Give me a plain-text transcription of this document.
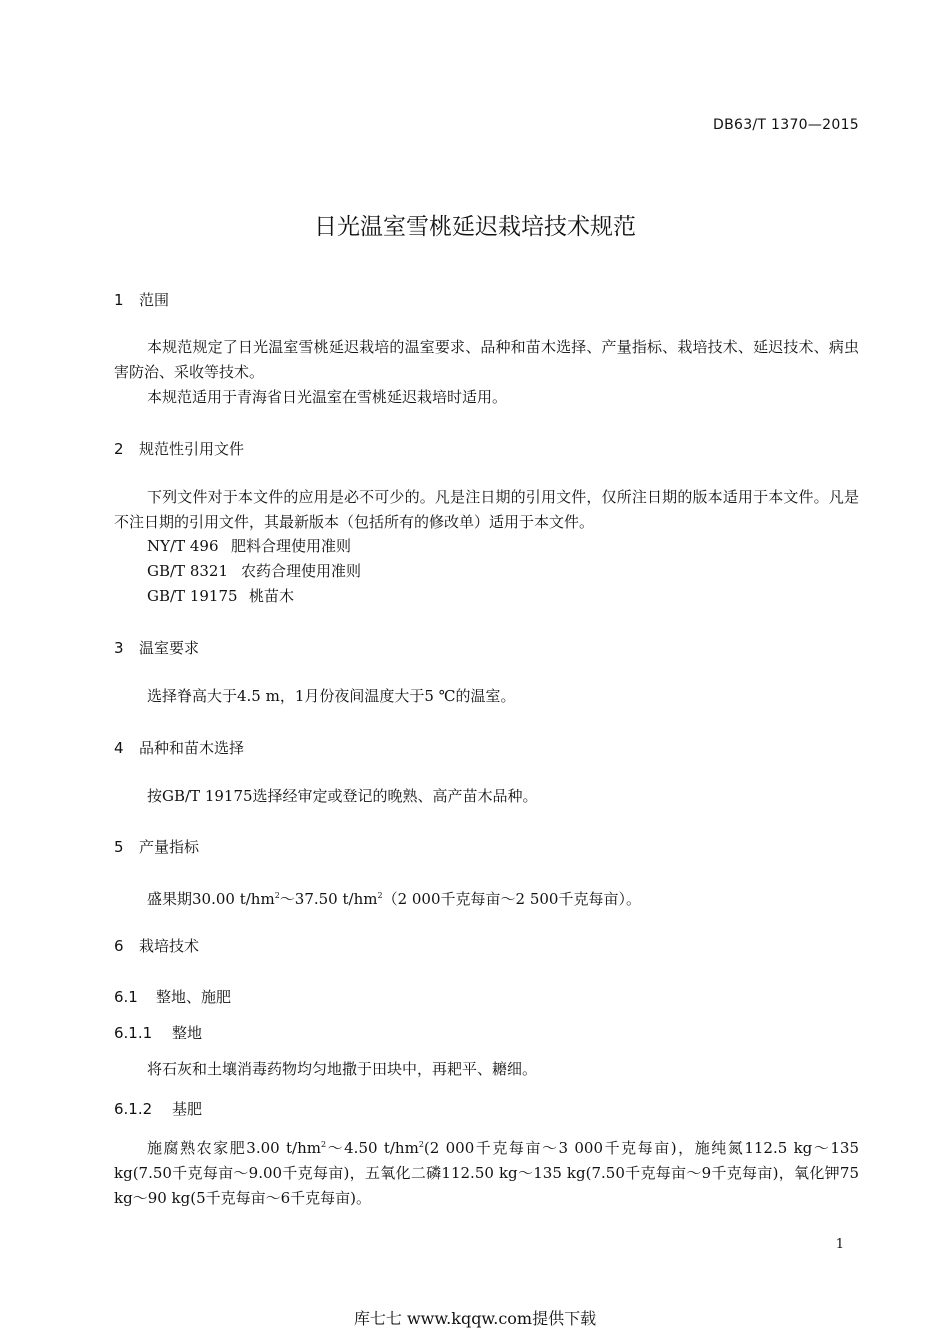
DB63/T 1370—2015
日光温室雪桃延迟栽培技术规范
1 范围
本规范规定了日光温室雪桃延迟栽培的温室要求、品种和苗木选择、产量指标、栽培技术、延迟技术、病虫害防治、采收等技术。
本规范适用于青海省日光温室在雪桃延迟栽培时适用。
2 规范性引用文件
下列文件对于本文件的应用是必不可少的。凡是注日期的引用文件，仅所注日期的版本适用于本文件。凡是不注日期的引用文件，其最新版本（包括所有的修改单）适用于本文件。
NY/T 496 肥料合理使用准则
GB/T 8321 农药合理使用准则
GB/T 19175 桃苗木
3 温室要求
选择脊高大于4.5 m，1月份夜间温度大于5 ℃的温室。
4 品种和苗木选择
按GB/T 19175选择经审定或登记的晚熟、高产苗木品种。
5 产量指标
盛果期30.00 $t/hm^2\sim 37.50$ $t/hm^2(2$ 000千克每亩～2 500千克每亩）。
6 栽培技术
6.1 整地、施肥
6.1.1 整地
将石灰和土壤消毒药物均匀地撒于田块中，再耙平、耱细。
6.1.2 基肥
施腐熟农家肥3.00 $t/hm^2\sim 4.50$ $t/hm^2(2$ 000千克每亩～3 000千克每亩)，施纯氮112.5 kg～135 kg(7.50千克每亩～9.00千克每亩)，五氧化二磷112.50 kg～135 kg(7.50千克每亩～9千克每亩)，氧化钾75 kg～90 kg(5千克每亩～6千克每亩)。
1
库七七 www.kqqw.com提供下载
